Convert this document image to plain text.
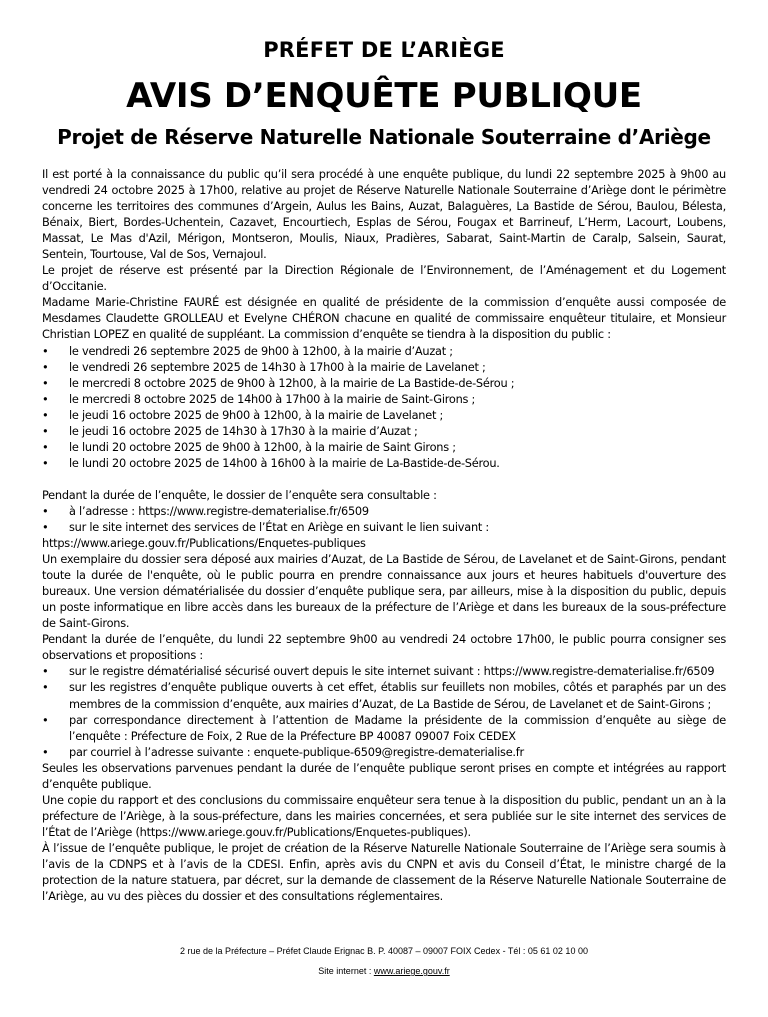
PRÉFET DE L’ARIÈGE
AVIS D’ENQUÊTE PUBLIQUE
Projet de Réserve Naturelle Nationale Souterraine d’Ariège

Il est porté à la connaissance du public qu’il sera procédé à une enquête publique, du lundi 22 septembre 2025 à 9h00 au vendredi 24 octobre 2025 à 17h00, relative au projet de Réserve Naturelle Nationale Souterraine d’Ariège dont le périmètre concerne les territoires des communes d’Argein, Aulus les Bains, Auzat, Balaguères, La Bastide de Sérou, Baulou, Bélesta, Bénaix, Biert, Bordes-Uchentein, Cazavet, Encourtiech, Esplas de Sérou, Fougax et Barrineuf, L’Herm, Lacourt, Loubens, Massat, Le Mas d'Azil, Mérigon, Montseron, Moulis, Niaux, Pradières, Sabarat, Saint-Martin de Caralp, Salsein, Saurat, Sentein, Tourtouse, Val de Sos, Vernajoul.

Le projet de réserve est présenté par la Direction Régionale de l’Environnement, de l’Aménagement et du Logement d’Occitanie.

Madame Marie-Christine FAURÉ est désignée en qualité de présidente de la commission d’enquête aussi composée de Mesdames Claudette GROLLEAU et Evelyne CHÉRON chacune en qualité de commissaire enquêteur titulaire, et Monsieur Christian LOPEZ en qualité de suppléant. La commission d’enquête se tiendra à la disposition du public :

•	le vendredi 26 septembre 2025 de 9h00 à 12h00, à la mairie d’Auzat ;
•	le vendredi 26 septembre 2025 de 14h30 à 17h00 à la mairie de Lavelanet ;
•	le mercredi 8 octobre 2025 de 9h00 à 12h00, à la mairie de La Bastide-de-Sérou ;
•	le mercredi 8 octobre 2025 de 14h00 à 17h00 à la mairie de Saint-Girons ;
•	le jeudi 16 octobre 2025 de 9h00 à 12h00, à la mairie de Lavelanet ;
•	le jeudi 16 octobre 2025 de 14h30 à 17h30 à la mairie d’Auzat ;
•	le lundi 20 octobre 2025 de 9h00 à 12h00, à la mairie de Saint Girons ;
•	le lundi 20 octobre 2025 de 14h00 à 16h00 à la mairie de La-Bastide-de-Sérou.

Pendant la durée de l’enquête, le dossier de l’enquête sera consultable :

•	à l’adresse : https://www.registre-dematerialise.fr/6509
•	sur le site internet des services de l’État en Ariège en suivant le lien suivant :

https://www.ariege.gouv.fr/Publications/Enquetes-publiques

Un exemplaire du dossier sera déposé aux mairies d’Auzat, de La Bastide de Sérou, de Lavelanet et de Saint-Girons, pendant toute la durée de l'enquête, où le public pourra en prendre connaissance aux jours et heures habituels d'ouverture des bureaux. Une version dématérialisée du dossier d’enquête publique sera, par ailleurs, mise à la disposition du public, depuis un poste informatique en libre accès dans les bureaux de la préfecture de l’Ariège et dans les bureaux de la sous-préfecture de Saint-Girons.

Pendant la durée de l’enquête, du lundi 22 septembre 9h00 au vendredi 24 octobre 17h00, le public pourra consigner ses observations et propositions :

•	sur le registre dématérialisé sécurisé ouvert depuis le site internet suivant : https://www.registre-dematerialise.fr/6509
•	sur les registres d’enquête publique ouverts à cet effet, établis sur feuillets non mobiles, côtés et paraphés par un des membres de la commission d’enquête, aux mairies d’Auzat, de La Bastide de Sérou, de Lavelanet et de Saint-Girons ;
•	par correspondance directement à l’attention de Madame la présidente de la commission d’enquête au siège de l’enquête : Préfecture de Foix, 2 Rue de la Préfecture BP 40087 09007 Foix CEDEX
•	par courriel à l’adresse suivante : enquete-publique-6509@registre-dematerialise.fr

Seules les observations parvenues pendant la durée de l’enquête publique seront prises en compte et intégrées au rapport d’enquête publique.

Une copie du rapport et des conclusions du commissaire enquêteur sera tenue à la disposition du public, pendant un an à la préfecture de l’Ariège, à la sous-préfecture, dans les mairies concernées, et sera publiée sur le site internet des services de l’État de l’Ariège (https://www.ariege.gouv.fr/Publications/Enquetes-publiques).

À l’issue de l’enquête publique, le projet de création de la Réserve Naturelle Nationale Souterraine de l’Ariège sera soumis à l’avis de la CDNPS et à l’avis de la CDESI. Enfin, après avis du CNPN et avis du Conseil d’État, le ministre chargé de la protection de la nature statuera, par décret, sur la demande de classement de la Réserve Naturelle Nationale Souterraine de l’Ariège, au vu des pièces du dossier et des consultations réglementaires.

2 rue de la Préfecture – Préfet Claude Erignac B. P. 40087 – 09007 FOIX Cedex - Tél : 05 61 02 10 00
Site internet : www.ariege.gouv.fr
